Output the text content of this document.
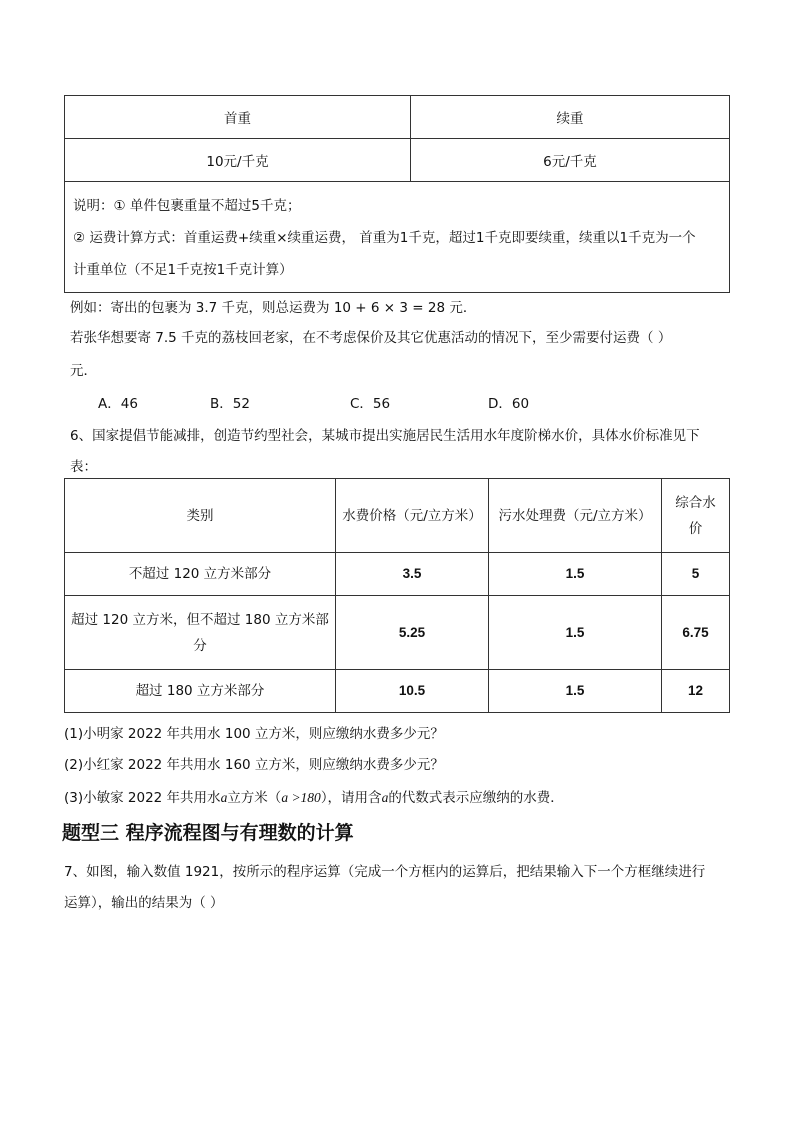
首重	续重
10元/千克	6元/千克

说明：① 单件包裹重量不超过5千克；
② 运费计算方式：首重运费+续重×续重运费， 首重为1千克，超过1千克即要续重，续重以1千克为一个
计重单位（不足1千克按1千克计算）	
例如：寄出的包裹为 3.7 千克，则总运费为 10 + 6 × 3 = 28 元．
若张华想要寄 7.5 千克的荔枝回老家，在不考虑保价及其它优惠活动的情况下，至少需要付运费（ ）
元．
A．46	B．52	C．56	D．60
6、国家提倡节能减排，创造节约型社会，某城市提出实施居民生活用水年度阶梯水价，具体水价标准见下
表：
类别	水费价格（元/立方米）	污水处理费（元/立方米）	综合水
价

不超过 120 立方米部分	3.5	1.5	5

超过 120 立方米，但不超过 180 立方米部
分	5.25	1.5	6.75
超过 180 立方米部分	10.5	1.5	12
(1)小明家 2022 年共用水 100 立方米，则应缴纳水费多少元？
(2)小红家 2022 年共用水 160 立方米，则应缴纳水费多少元？
(3)小敏家 2022 年共用水a立方米（a >180），请用含a的代数式表示应缴纳的水费．
题型三 程序流程图与有理数的计算
7、如图，输入数值 1921，按所示的程序运算（完成一个方框内的运算后，把结果输入下一个方框继续进行
运算），输出的结果为（ ）
